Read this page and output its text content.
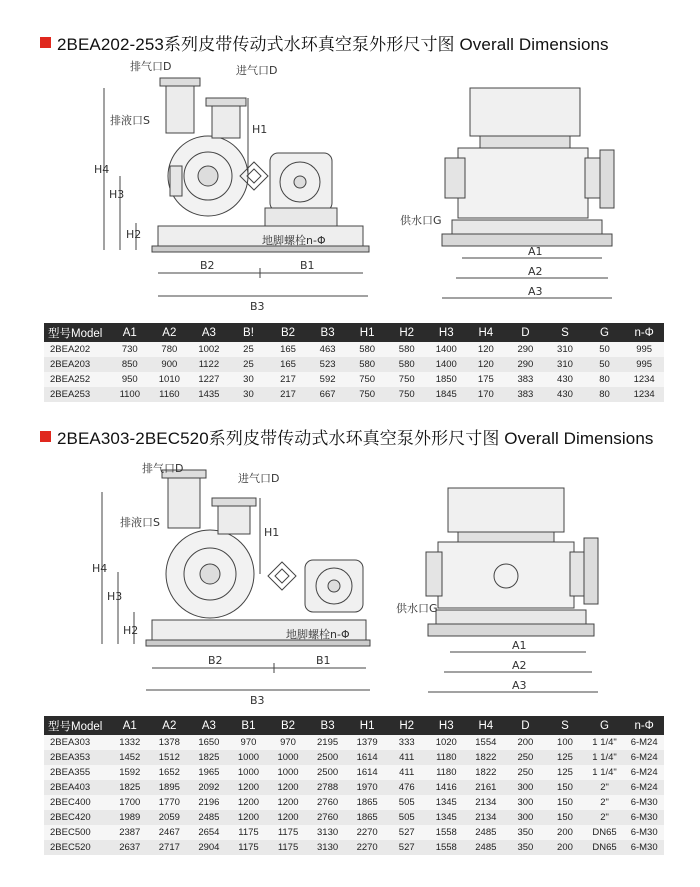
2BEA202-253系列皮带传动式水环真空泵外形尺寸图 Overall Dimensions
排气口D	进气口D
排液口S
供水口G
地脚螺栓n-Φ
H4
H3
H2
H1
B2	B1
B3
A1
A2
A3
型号Model	A1	A2	A3	B!	B2	B3	H1	H2	H3	H4	D	S	G	n-Φ
2BEA202	730	780	1002	25	165	463	580	580	1400	120	290	310	50	995
2BEA203	850	900	1122	25	165	523	580	580	1400	120	290	310	50	995
2BEA252	950	1010	1227	30	217	592	750	750	1850	175	383	430	80	1234
2BEA253	1100	1160	1435	30	217	667	750	750	1845	170	383	430	80	1234
2BEA303-2BEC520系列皮带传动式水环真空泵外形尺寸图 Overall Dimensions
排气口D
进气口D
排液口S
供水口G
地脚螺栓n-Φ
H4
H3
H2
H1
B2	B1
B3
A1
A2
A3
型号Model	A1	A2	A3	B1	B2	B3	H1	H2	H3	H4	D	S	G	n-Φ
2BEA303	1332	1378	1650	970	970	2195	1379	333	1020	1554	200	100	1 1/4"	6-M24
2BEA353	1452	1512	1825	1000	1000	2500	1614	411	1180	1822	250	125	1 1/4"	6-M24
2BEA355	1592	1652	1965	1000	1000	2500	1614	411	1180	1822	250	125	1 1/4"	6-M24
2BEA403	1825	1895	2092	1200	1200	2788	1970	476	1416	2161	300	150	2"	6-M24
2BEC400	1700	1770	2196	1200	1200	2760	1865	505	1345	2134	300	150	2"	6-M30
2BEC420	1989	2059	2485	1200	1200	2760	1865	505	1345	2134	300	150	2"	6-M30
2BEC500	2387	2467	2654	1175	1175	3130	2270	527	1558	2485	350	200	DN65	6-M30
2BEC520	2637	2717	2904	1175	1175	3130	2270	527	1558	2485	350	200	DN65	6-M30
